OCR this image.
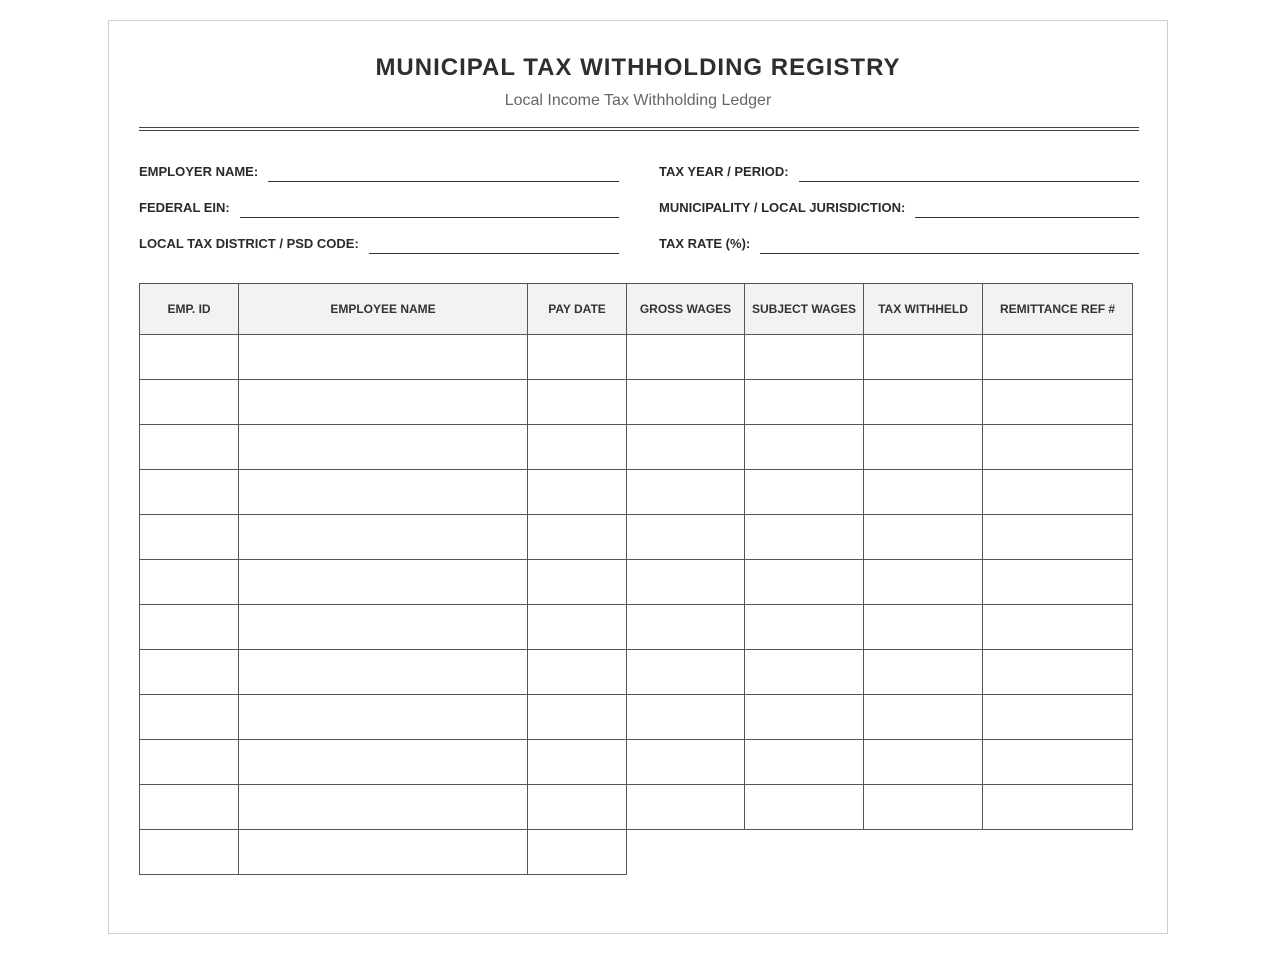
MUNICIPAL TAX WITHHOLDING REGISTRY
Local Income Tax Withholding Ledger
EMPLOYER NAME:
FEDERAL EIN:
LOCAL TAX DISTRICT / PSD CODE:
TAX YEAR / PERIOD:
MUNICIPALITY / LOCAL JURISDICTION:
TAX RATE (%):
EMP. ID	EMPLOYEE NAME	PAY DATE	GROSS WAGES	SUBJECT WAGES	TAX WITHHELD	REMITTANCE REF #
